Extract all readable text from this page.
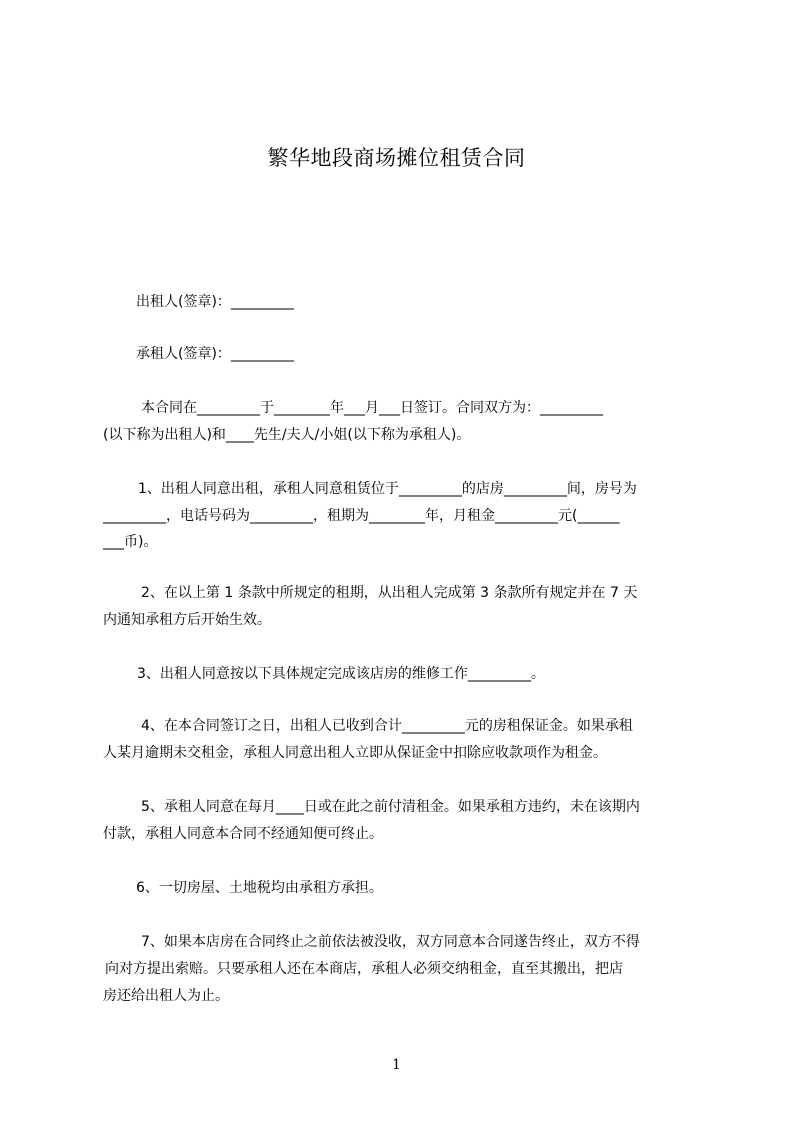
繁华地段商场摊位租赁合同
出租人(签章)：_________
承租人(签章)：_________
本合同在_________于________年___月___日签订。合同双方为：_________
(以下称为出租人)和____先生/夫人/小姐(以下称为承租人)。
1、出租人同意出租，承租人同意租赁位于_________的店房_________间，房号为
_________，电话号码为_________，租期为________年，月租金_________元(______
___币)。
2、在以上第 1 条款中所规定的租期，从出租人完成第 3 条款所有规定并在 7 天
内通知承租方后开始生效。
3、出租人同意按以下具体规定完成该店房的维修工作_________。
4、在本合同签订之日，出租人已收到合计_________元的房租保证金。如果承租
人某月逾期未交租金，承租人同意出租人立即从保证金中扣除应收款项作为租金。
5、承租人同意在每月____日或在此之前付清租金。如果承租方违约，未在该期内
付款，承租人同意本合同不经通知便可终止。
6、一切房屋、土地税均由承租方承担。
7、如果本店房在合同终止之前依法被没收，双方同意本合同遂告终止，双方不得
向对方提出索赔。只要承租人还在本商店，承租人必须交纳租金，直至其搬出，把店
房还给出租人为止。
1
